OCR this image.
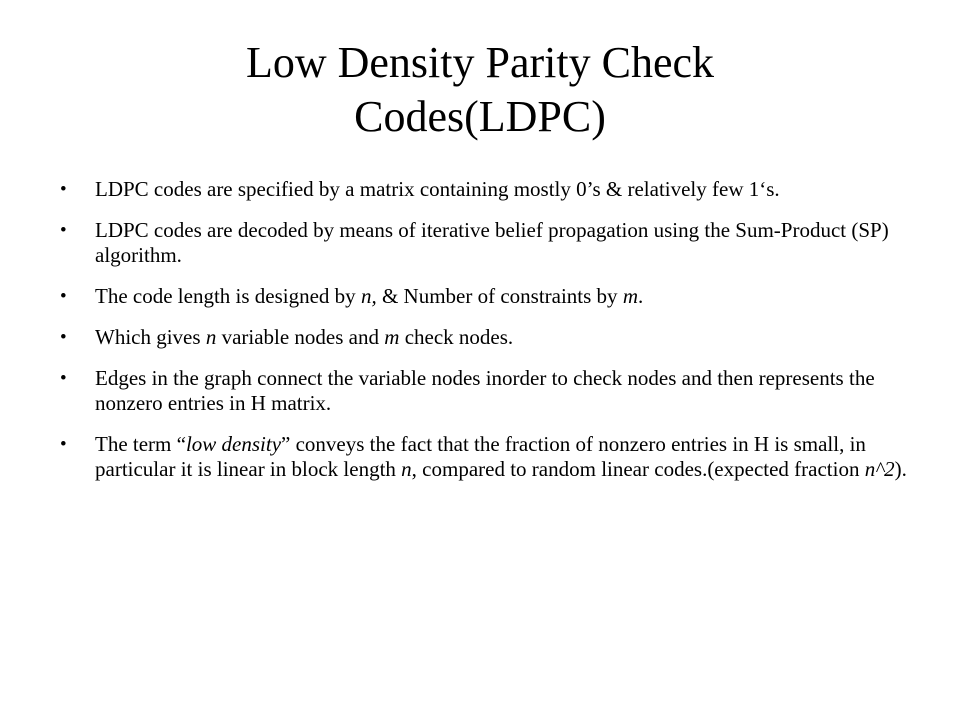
Low Density Parity Check
Codes(LDPC)
•	LDPC codes are specified by a matrix containing mostly 0’s & relatively few 1‘s.
•	LDPC codes are decoded by means of iterative belief propagation using the Sum-Product (SP) algorithm.
•	The code length is designed by n, & Number of constraints by m.
•	Which gives n variable nodes and m check nodes.
•	Edges in the graph connect the variable nodes inorder to check nodes and then represents the nonzero entries in H matrix.
•	The term “low density” conveys the fact that the fraction of nonzero entries in H is small, in particular it is linear in block length n, compared to random linear codes.(expected fraction n^2).
